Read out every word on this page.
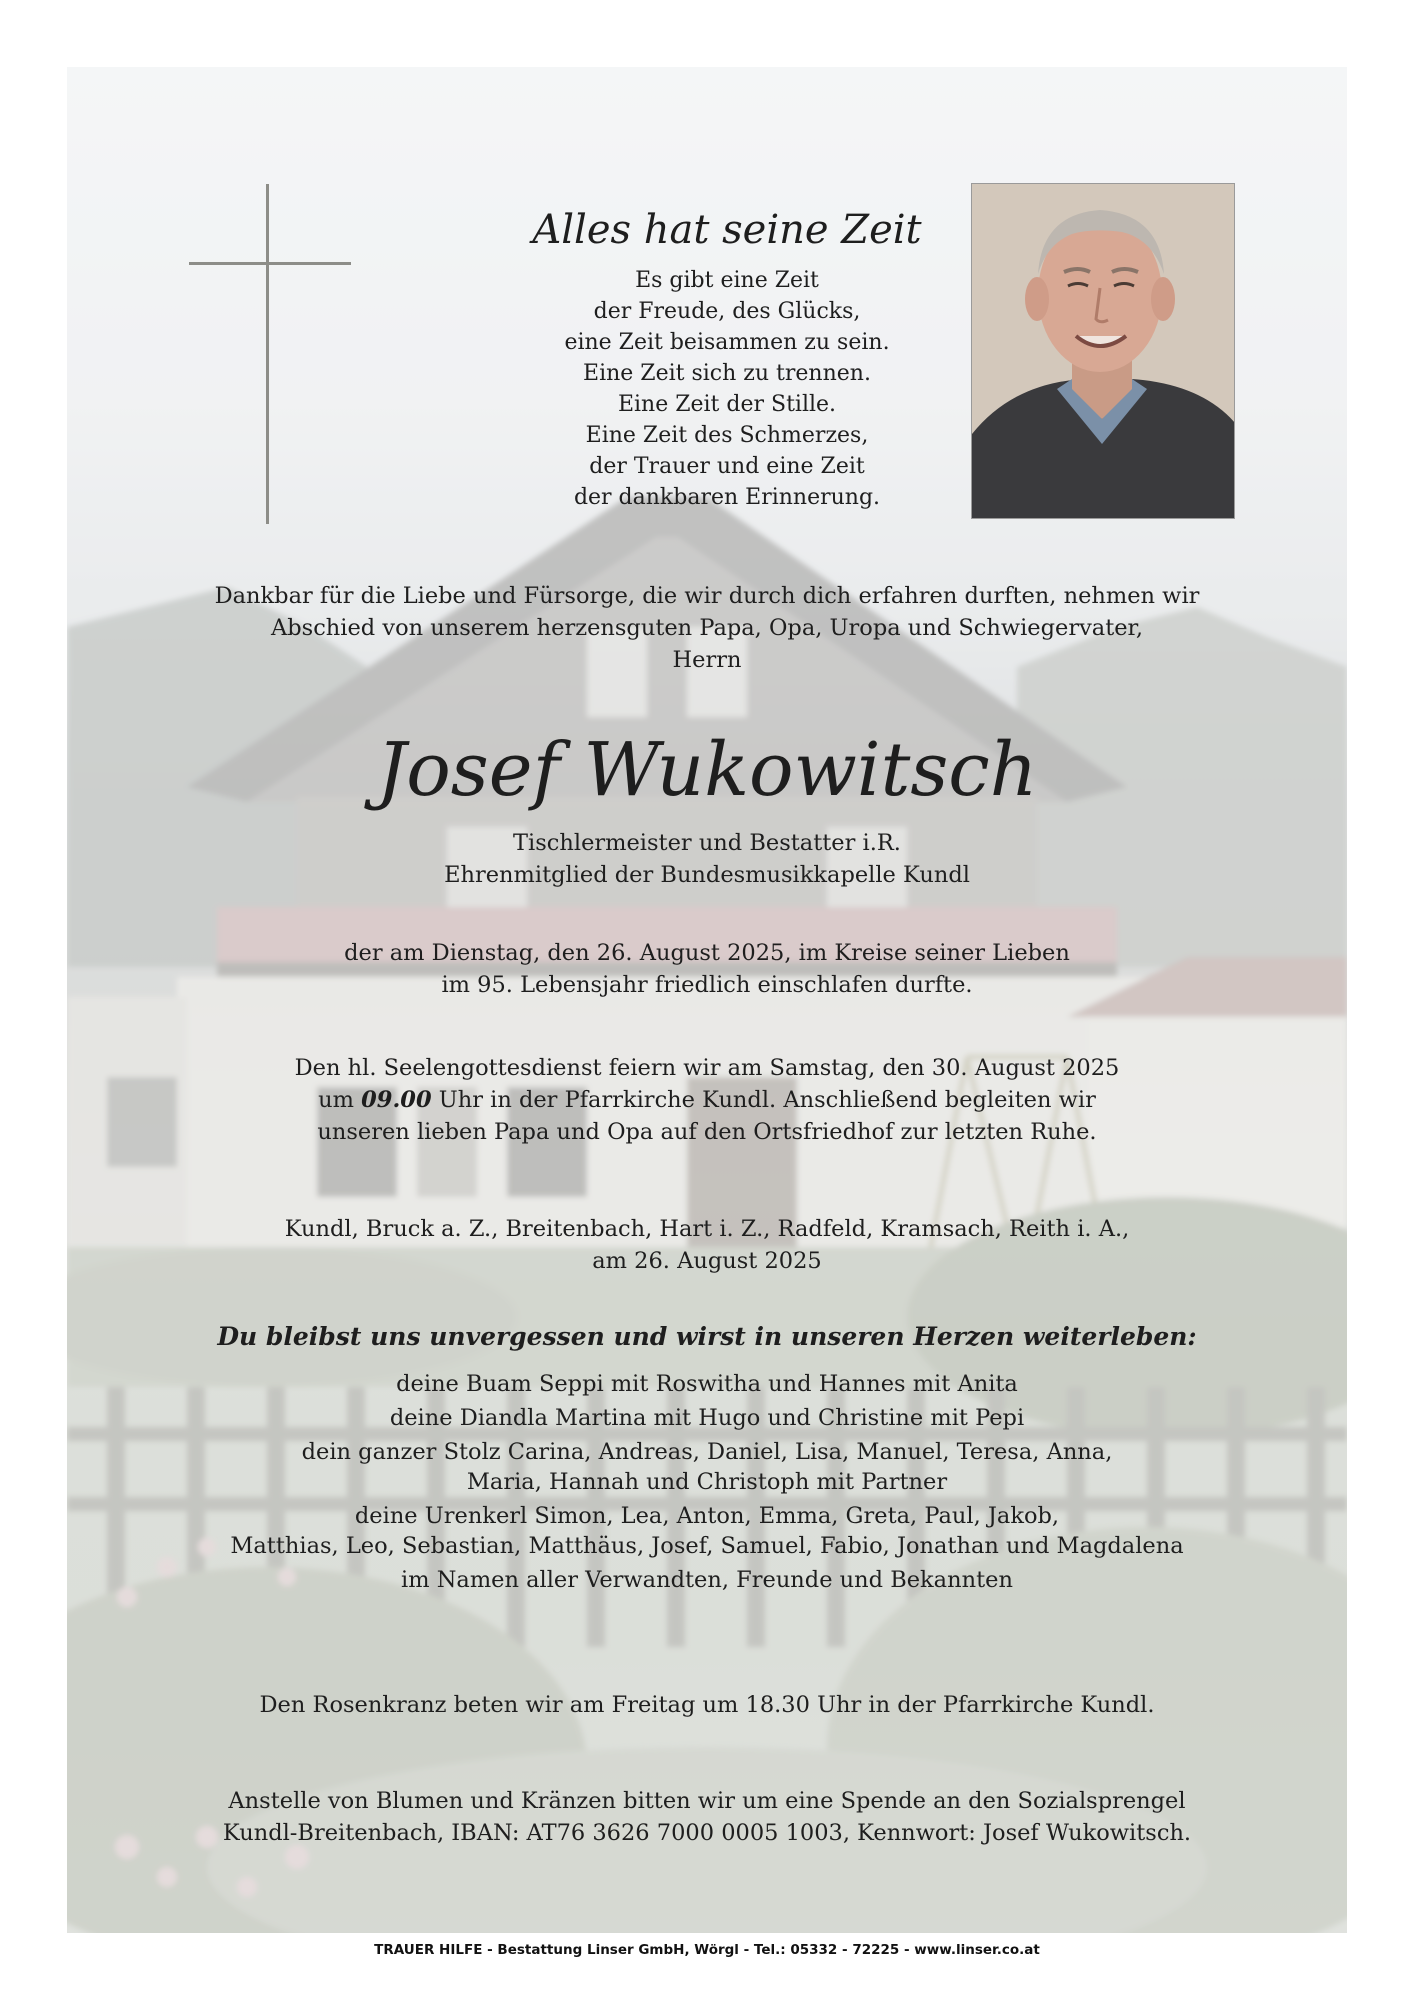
Alles hat seine Zeit
Es gibt eine Zeit
der Freude, des Glücks,
eine Zeit beisammen zu sein.
Eine Zeit sich zu trennen.
Eine Zeit der Stille.
Eine Zeit des Schmerzes,
der Trauer und eine Zeit
der dankbaren Erinnerung.
Dankbar für die Liebe und Fürsorge, die wir durch dich erfahren durften, nehmen wir
Abschied von unserem herzensguten Papa, Opa, Uropa und Schwiegervater,
Herrn
Josef Wukowitsch
Tischlermeister und Bestatter i.R.
Ehrenmitglied der Bundesmusikkapelle Kundl
der am Dienstag, den 26. August 2025, im Kreise seiner Lieben
im 95. Lebensjahr friedlich einschlafen durfte.
Den hl. Seelengottesdienst feiern wir am Samstag, den 30. August 2025
um 09.00 Uhr in der Pfarrkirche Kundl. Anschließend begleiten wir
unseren lieben Papa und Opa auf den Ortsfriedhof zur letzten Ruhe.
Kundl, Bruck a. Z., Breitenbach, Hart i. Z., Radfeld, Kramsach, Reith i. A.,
am 26. August 2025
Du bleibst uns unvergessen und wirst in unseren Herzen weiterleben:
deine Buam Seppi mit Roswitha und Hannes mit Anita
deine Diandla Martina mit Hugo und Christine mit Pepi
dein ganzer Stolz Carina, Andreas, Daniel, Lisa, Manuel, Teresa, Anna,
Maria, Hannah und Christoph mit Partner
deine Urenkerl Simon, Lea, Anton, Emma, Greta, Paul, Jakob,
Matthias, Leo, Sebastian, Matthäus, Josef, Samuel, Fabio, Jonathan und Magdalena
im Namen aller Verwandten, Freunde und Bekannten
Den Rosenkranz beten wir am Freitag um 18.30 Uhr in der Pfarrkirche Kundl.
Anstelle von Blumen und Kränzen bitten wir um eine Spende an den Sozialsprengel
Kundl-Breitenbach, IBAN: AT76 3626 7000 0005 1003, Kennwort: Josef Wukowitsch.
TRAUER HILFE - Bestattung Linser GmbH, Wörgl - Tel.: 05332 - 72225 - www.linser.co.at
